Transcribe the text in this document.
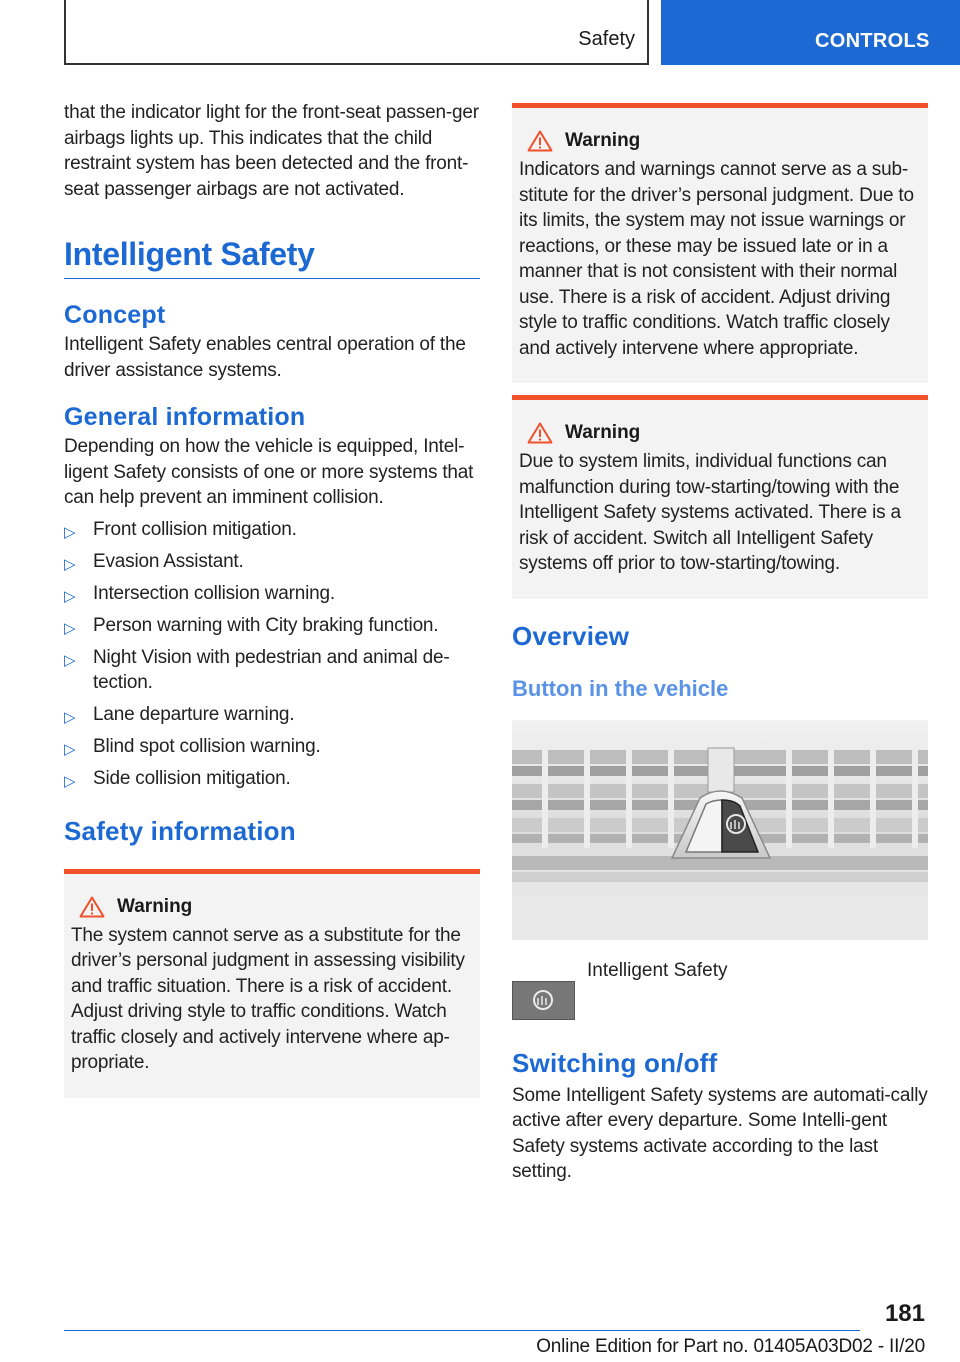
Safety	CONTROLS

that the indicator light for the front-seat passen-ger airbags lights up. This indicates that the child restraint system has been detected and the front-seat passenger airbags are not activated.

Intelligent Safety
Concept

Intelligent Safety enables central operation of the driver assistance systems.

General information

Depending on how the vehicle is equipped, Intel-ligent Safety consists of one or more systems that can help prevent an imminent collision.

▷ Front collision mitigation.
▷ Evasion Assistant.
▷ Intersection collision warning.
▷ Person warning with City braking function.
▷ Night Vision with pedestrian and animal de-tection.
▷ Lane departure warning.
▷ Blind spot collision warning.
▷ Side collision mitigation.
Safety information
Warning

The system cannot serve as a substitute for the driver’s personal judgment in assessing visibility and traffic situation. There is a risk of accident. Adjust driving style to traffic conditions. Watch traffic closely and actively intervene where ap-propriate.

Warning

Indicators and warnings cannot serve as a sub-stitute for the driver’s personal judgment. Due to its limits, the system may not issue warnings or reactions, or these may be issued late or in a manner that is not consistent with their normal use. There is a risk of accident. Adjust driving style to traffic conditions. Watch traffic closely and actively intervene where appropriate.

Warning

Due to system limits, individual functions can malfunction during tow-starting/towing with the Intelligent Safety systems activated. There is a risk of accident. Switch all Intelligent Safety systems off prior to tow-starting/towing.

Overview
Button in the vehicle
Intelligent Safety
Switching on/off

Some Intelligent Safety systems are automati-cally active after every departure. Some Intelli-gent Safety systems activate according to the last setting.

181
Online Edition for Part no. 01405A03D02 - II/20
